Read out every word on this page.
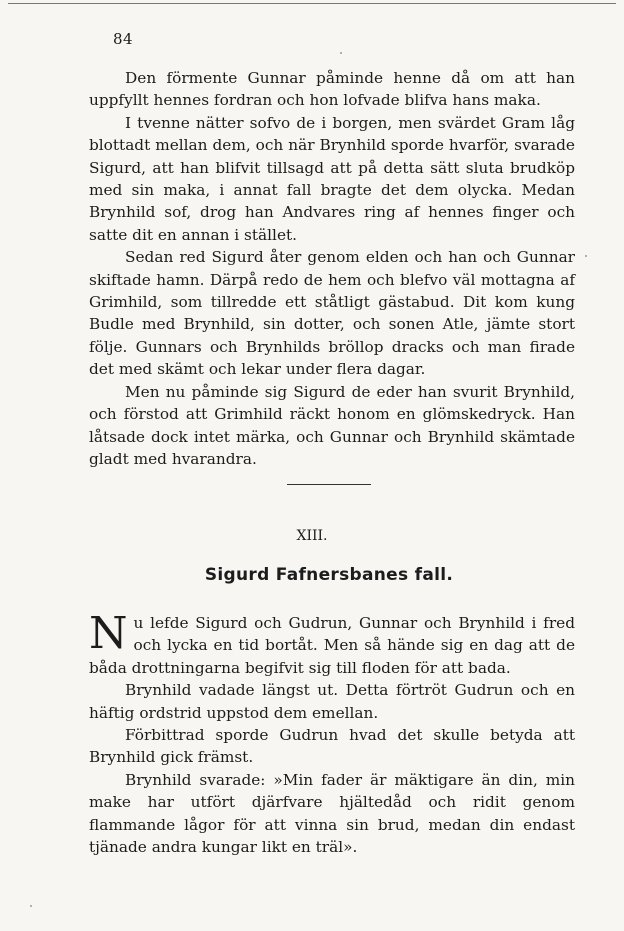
84

Den förmente Gunnar påminde henne då om att han uppfyllt hennes fordran och hon lofvade blifva hans maka.

I tvenne nätter sofvo de i borgen, men svärdet Gram låg blottadt mellan dem, och när Brynhild sporde hvarför, svarade Sigurd, att han blifvit tillsagd att på detta sätt sluta brudköp med sin maka, i annat fall bragte det dem olycka. Medan Brynhild sof, drog han Andvares ring af hennes finger och satte dit en annan i stället.

Sedan red Sigurd åter genom elden och han och Gunnar skiftade hamn. Därpå redo de hem och blefvo väl mottagna af Grimhild, som tillredde ett ståtligt gästabud. Dit kom kung Budle med Brynhild, sin dotter, och sonen Atle, jämte stort följe. Gunnars och Brynhilds bröllop dracks och man firade det med skämt och lekar under flera dagar.

Men nu påminde sig Sigurd de eder han svurit Brynhild, och förstod att Grimhild räckt honom en glömskedryck. Han låtsade dock intet märka, och Gunnar och Brynhild skämtade gladt med hvarandra.

XIII.
Sigurd Fafnersbanes fall.

Nu lefde Sigurd och Gudrun, Gunnar och Brynhild i fred och lycka en tid bortåt. Men så hände sig en dag att de båda drottningarna begifvit sig till floden för att bada.

Brynhild vadade längst ut. Detta förtröt Gudrun och en häftig ordstrid uppstod dem emellan.

Förbittrad sporde Gudrun hvad det skulle betyda att Brynhild gick främst.

Brynhild svarade: »Min fader är mäktigare än din, min make har utfört djärfvare hjältedåd och ridit genom flammande lågor för att vinna sin brud, medan din endast tjänade andra kungar likt en träl».
